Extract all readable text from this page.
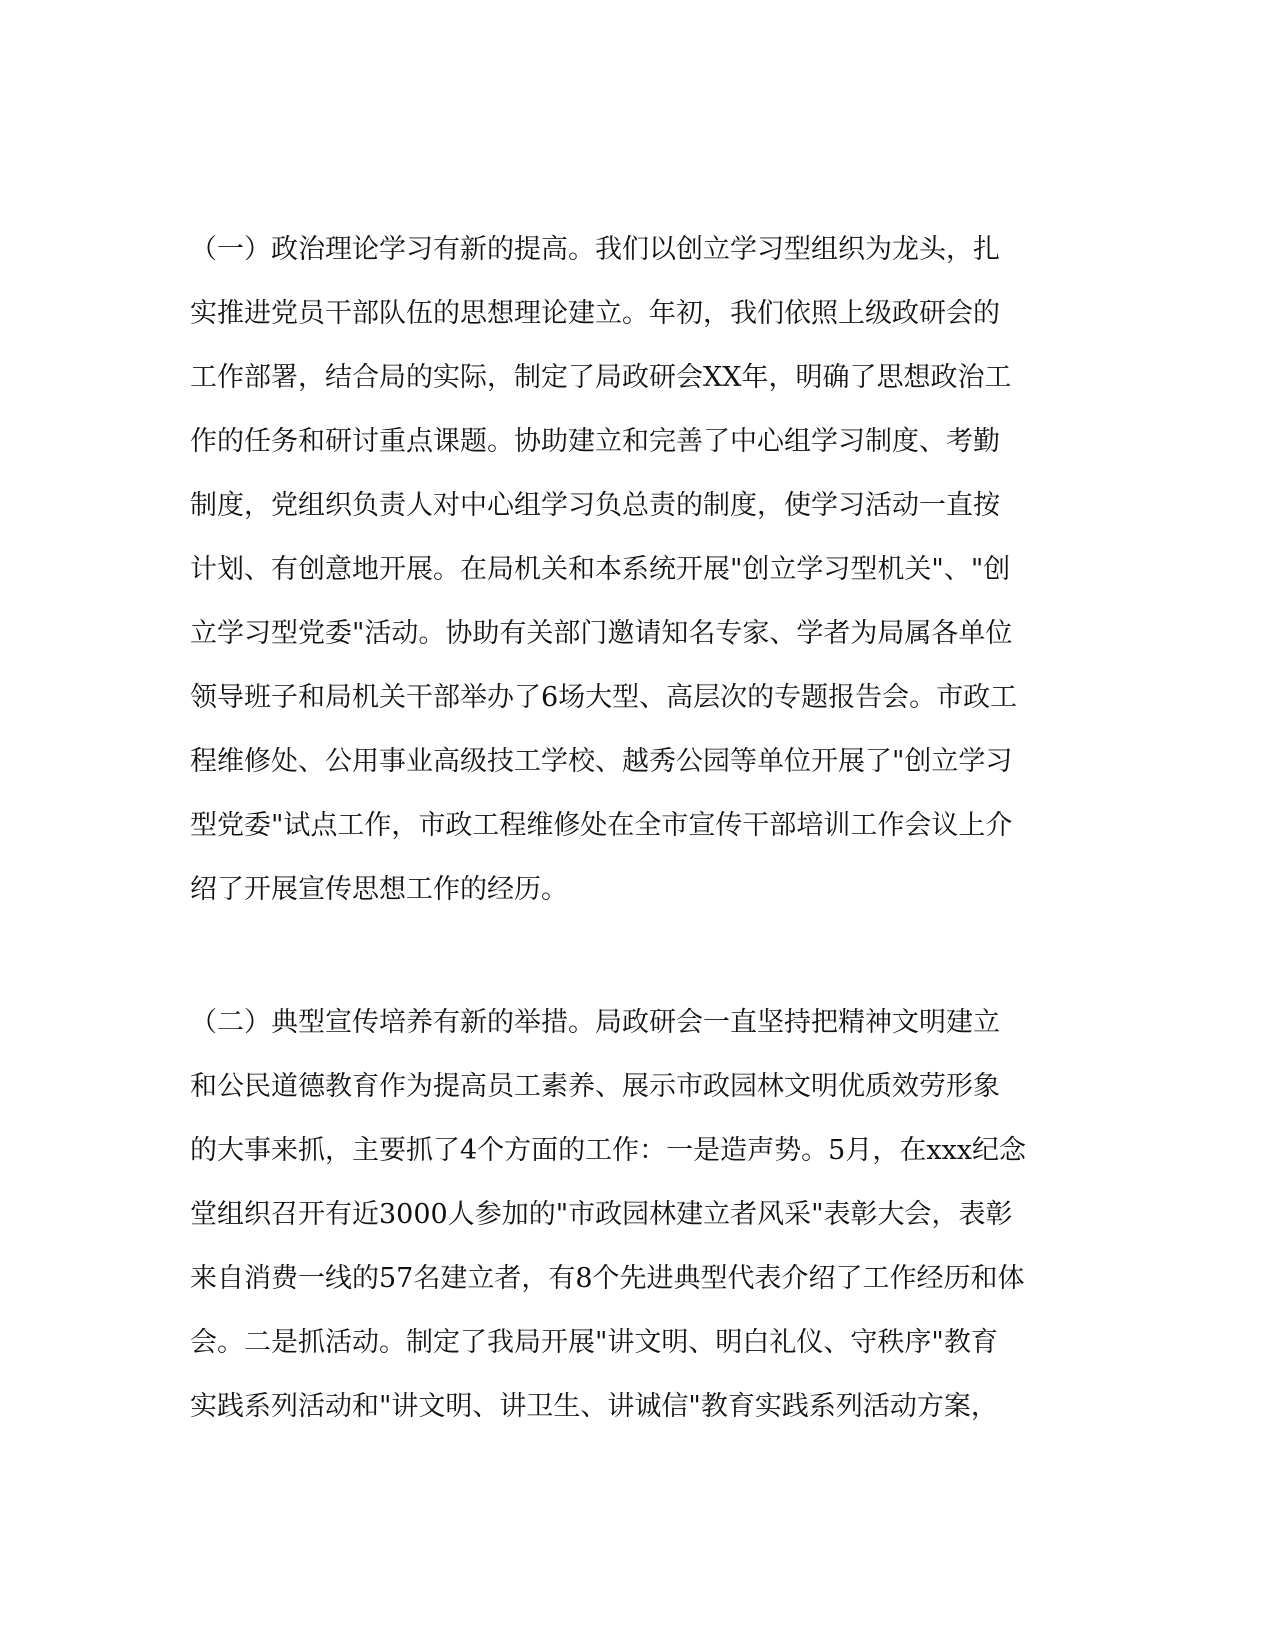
（一）政治理论学习有新的提高。我们以创立学习型组织为龙头，扎
实推进党员干部队伍的思想理论建立。年初，我们依照上级政研会的
工作部署，结合局的实际，制定了局政研会XX年，明确了思想政治工
作的任务和研讨重点课题。协助建立和完善了中心组学习制度、考勤
制度，党组织负责人对中心组学习负总责的制度，使学习活动一直按
计划、有创意地开展。在局机关和本系统开展"创立学习型机关"、"创
立学习型党委"活动。协助有关部门邀请知名专家、学者为局属各单位
领导班子和局机关干部举办了6场大型、高层次的专题报告会。市政工
程维修处、公用事业高级技工学校、越秀公园等单位开展了"创立学习
型党委"试点工作，市政工程维修处在全市宣传干部培训工作会议上介
绍了开展宣传思想工作的经历。
（二）典型宣传培养有新的举措。局政研会一直坚持把精神文明建立
和公民道德教育作为提高员工素养、展示市政园林文明优质效劳形象
的大事来抓，主要抓了4个方面的工作：一是造声势。5月，在xxx纪念
堂组织召开有近3000人参加的"市政园林建立者风采"表彰大会，表彰
来自消费一线的57名建立者，有8个先进典型代表介绍了工作经历和体
会。二是抓活动。制定了我局开展"讲文明、明白礼仪、守秩序"教育
实践系列活动和"讲文明、讲卫生、讲诚信"教育实践系列活动方案，
